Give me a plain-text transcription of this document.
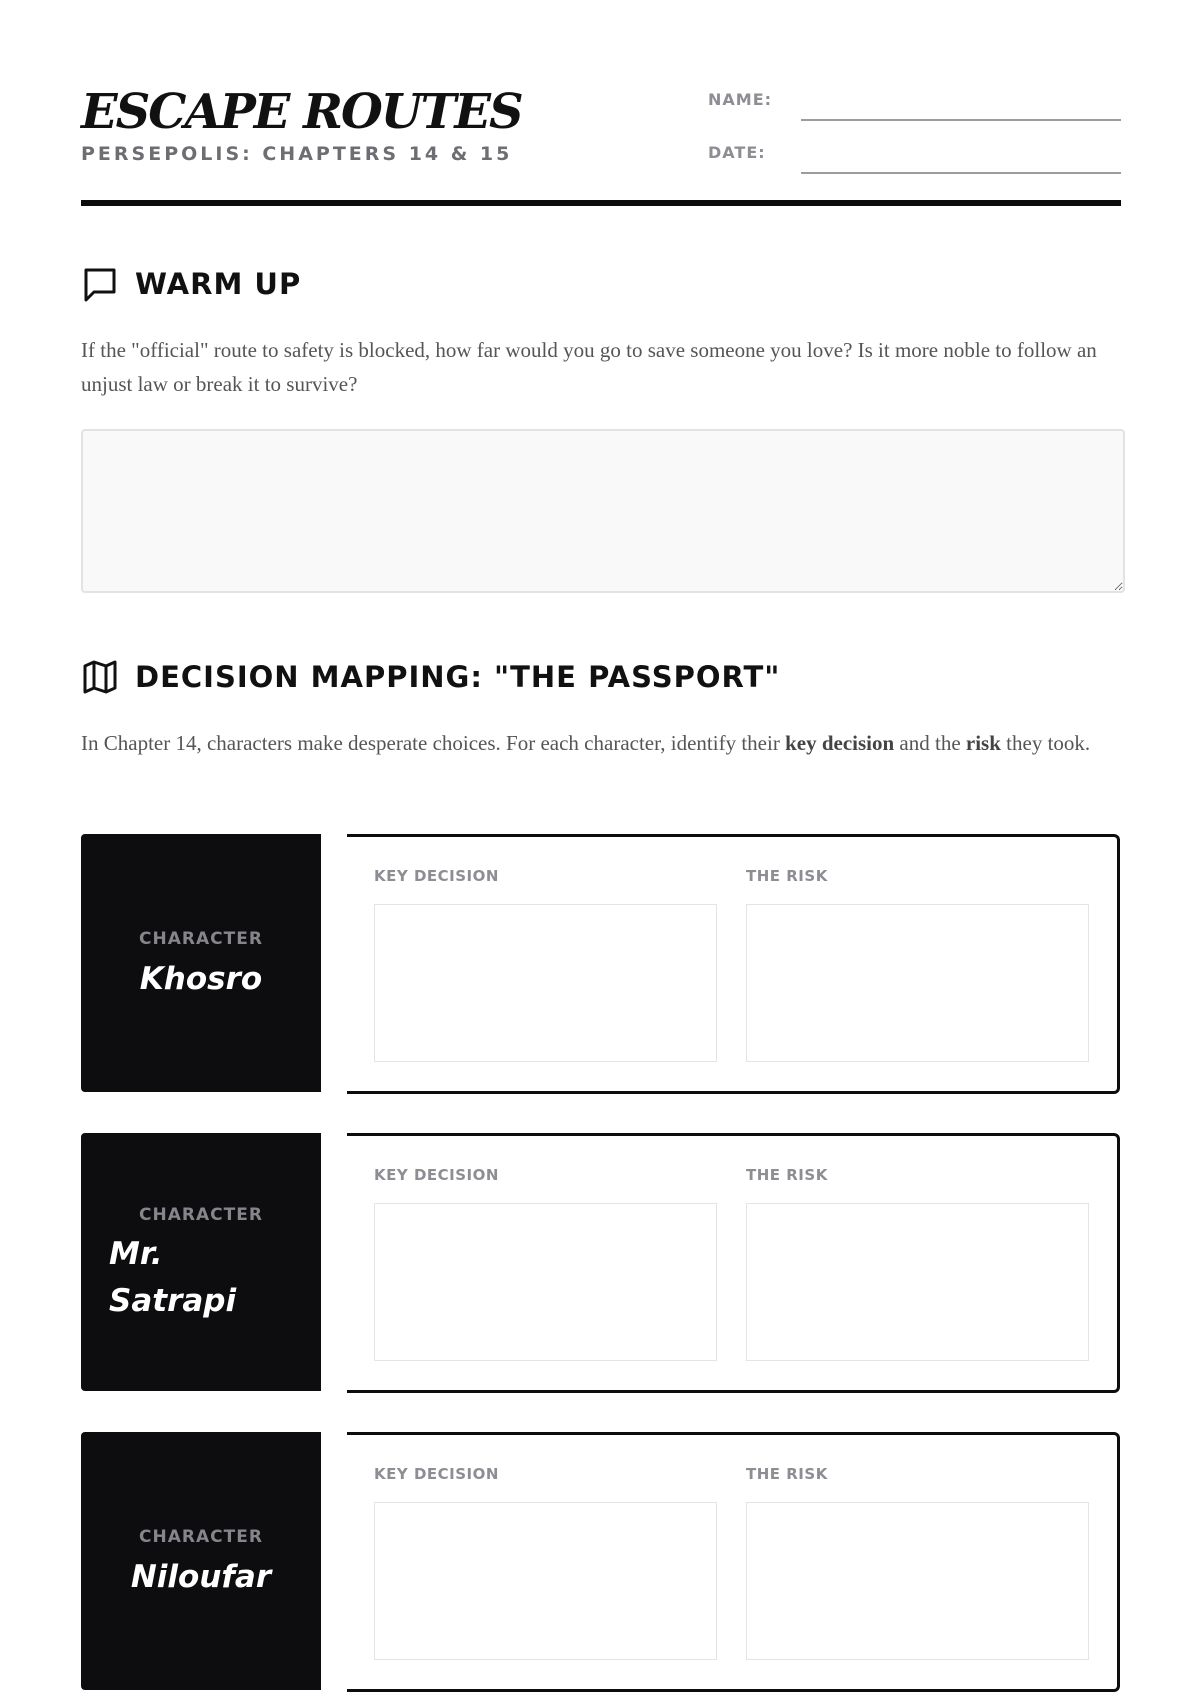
ESCAPE ROUTES
PERSEPOLIS: CHAPTERS 14 & 15
NAME:
DATE:
WARM UP

If the "official" route to safety is blocked, how far would you go to save someone you love? Is it more noble to follow an unjust law or break it to survive?

DECISION MAPPING: "THE PASSPORT"

In Chapter 14, characters make desperate choices. For each character, identify their key decision and the risk they took.

CHARACTER
Khosro
KEY DECISION	THE RISK
CHARACTER
Mr.
Satrapi
KEY DECISION	THE RISK
CHARACTER
Niloufar
KEY DECISION	THE RISK
